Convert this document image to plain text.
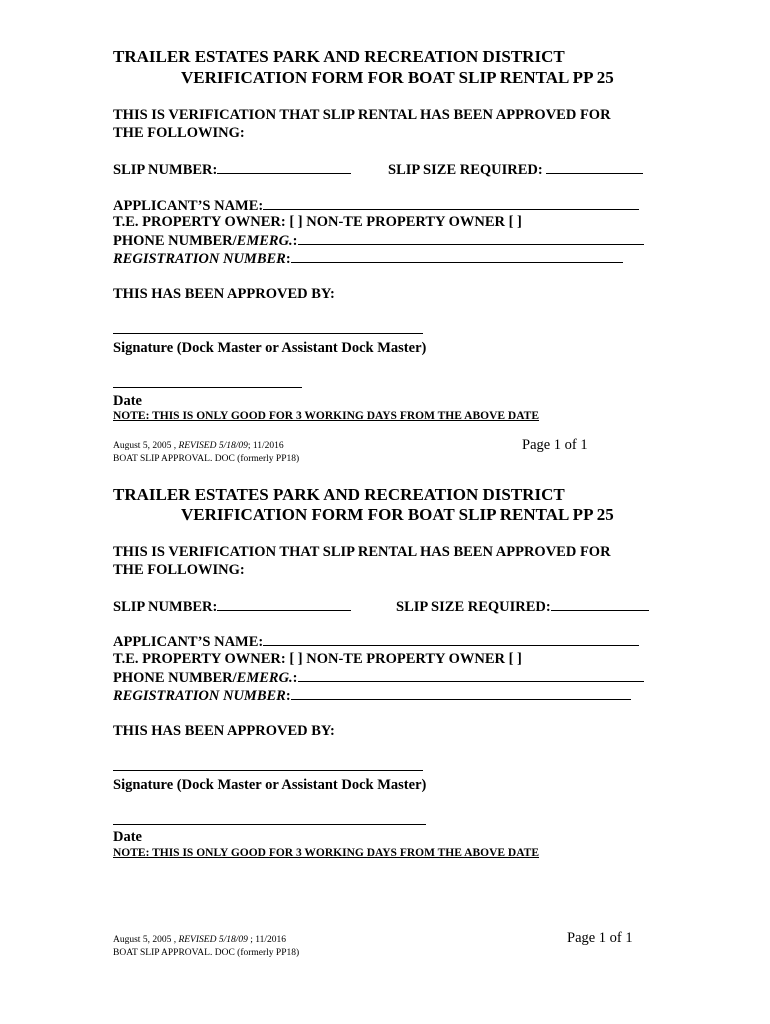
TRAILER ESTATES PARK AND RECREATION DISTRICT
VERIFICATION FORM FOR BOAT SLIP RENTAL PP 25
THIS IS VERIFICATION THAT SLIP RENTAL HAS BEEN APPROVED FOR
THE FOLLOWING:
SLIP NUMBER:	SLIP SIZE REQUIRED:
APPLICANT’S NAME:
T.E. PROPERTY OWNER: [ ] NON-TE PROPERTY OWNER [ ]
PHONE NUMBER/EMERG.:
REGISTRATION NUMBER:
THIS HAS BEEN APPROVED BY:
Signature (Dock Master or Assistant Dock Master)
Date
NOTE: THIS IS ONLY GOOD FOR 3 WORKING DAYS FROM THE ABOVE DATE
August 5, 2005 , REVISED 5/18/09; 11/2016
BOAT SLIP APPROVAL. DOC (formerly PP18)
Page 1 of 1
TRAILER ESTATES PARK AND RECREATION DISTRICT
VERIFICATION FORM FOR BOAT SLIP RENTAL PP 25
THIS IS VERIFICATION THAT SLIP RENTAL HAS BEEN APPROVED FOR
THE FOLLOWING:
SLIP NUMBER:	SLIP SIZE REQUIRED:
APPLICANT’S NAME:
T.E. PROPERTY OWNER: [ ] NON-TE PROPERTY OWNER [ ]
PHONE NUMBER/EMERG.:
REGISTRATION NUMBER:
THIS HAS BEEN APPROVED BY:
Signature (Dock Master or Assistant Dock Master)
Date
NOTE: THIS IS ONLY GOOD FOR 3 WORKING DAYS FROM THE ABOVE DATE
August 5, 2005 , REVISED 5/18/09 ; 11/2016
BOAT SLIP APPROVAL. DOC (formerly PP18)
Page 1 of 1
